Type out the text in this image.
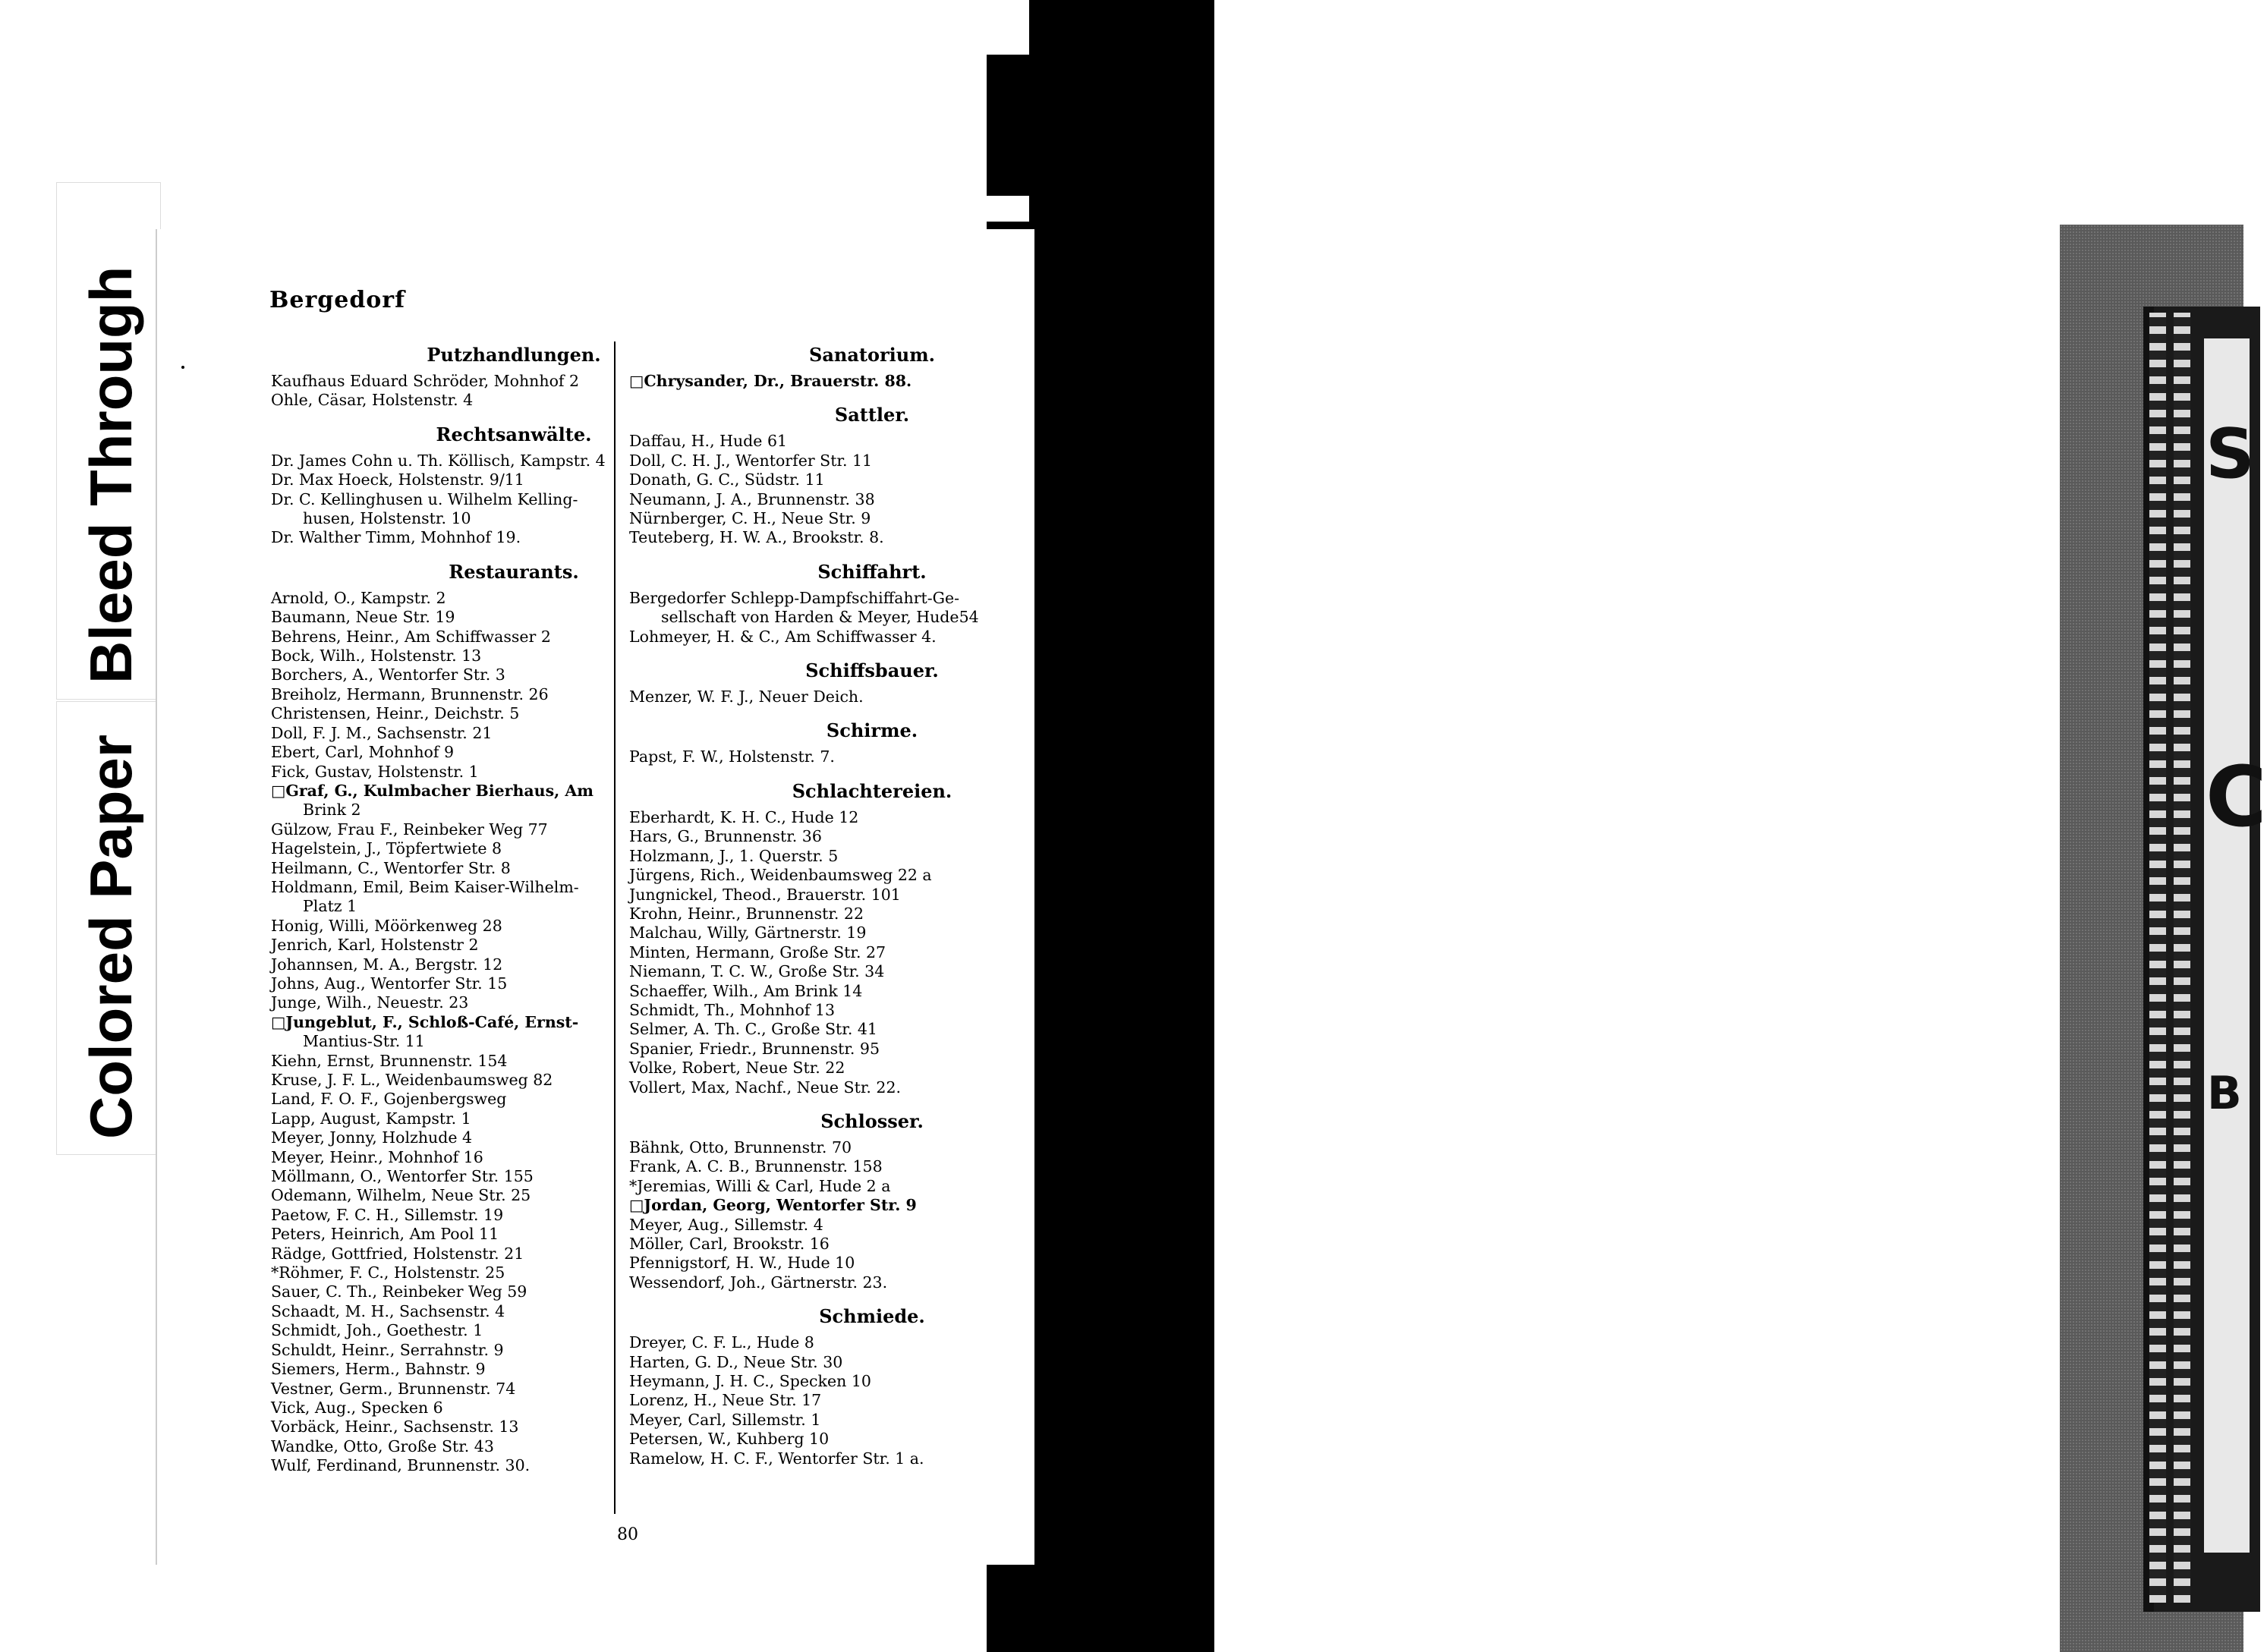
Bleed Through
Colored Paper
S
C
B
Bergedorf
Putzhandlungen.
Kaufhaus Eduard Schröder, Mohnhof 2
Ohle, Cäsar, Holstenstr. 4
Rechtsanwälte.
Dr. James Cohn u. Th. Köllisch, Kampstr. 4
Dr. Max Hoeck, Holstenstr. 9/11
Dr. C. Kellinghusen u. Wilhelm Kelling-
husen, Holstenstr. 10
Dr. Walther Timm, Mohnhof 19.
Restaurants.
Arnold, O., Kampstr. 2
Baumann, Neue Str. 19
Behrens, Heinr., Am Schiffwasser 2
Bock, Wilh., Holstenstr. 13
Borchers, A., Wentorfer Str. 3
Breiholz, Hermann, Brunnenstr. 26
Christensen, Heinr., Deichstr. 5
Doll, F. J. M., Sachsenstr. 21
Ebert, Carl, Mohnhof 9
Fick, Gustav, Holstenstr. 1
□Graf, G., Kulmbacher Bierhaus, Am
Brink 2
Gülzow, Frau F., Reinbeker Weg 77
Hagelstein, J., Töpfertwiete 8
Heilmann, C., Wentorfer Str. 8
Holdmann, Emil, Beim Kaiser-Wilhelm-
Platz 1
Honig, Willi, Möörkenweg 28
Jenrich, Karl, Holstenstr 2
Johannsen, M. A., Bergstr. 12
Johns, Aug., Wentorfer Str. 15
Junge, Wilh., Neuestr. 23
□Jungeblut, F., Schloß-Café, Ernst-
Mantius-Str. 11
Kiehn, Ernst, Brunnenstr. 154
Kruse, J. F. L., Weidenbaumsweg 82
Land, F. O. F., Gojenbergsweg
Lapp, August, Kampstr. 1
Meyer, Jonny, Holzhude 4
Meyer, Heinr., Mohnhof 16
Möllmann, O., Wentorfer Str. 155
Odemann, Wilhelm, Neue Str. 25
Paetow, F. C. H., Sillemstr. 19
Peters, Heinrich, Am Pool 11
Rädge, Gottfried, Holstenstr. 21
*Röhmer, F. C., Holstenstr. 25
Sauer, C. Th., Reinbeker Weg 59
Schaadt, M. H., Sachsenstr. 4
Schmidt, Joh., Goethestr. 1
Schuldt, Heinr., Serrahnstr. 9
Siemers, Herm., Bahnstr. 9
Vestner, Germ., Brunnenstr. 74
Vick, Aug., Specken 6
Vorbäck, Heinr., Sachsenstr. 13
Wandke, Otto, Große Str. 43
Wulf, Ferdinand, Brunnenstr. 30.
Sanatorium.
□Chrysander, Dr., Brauerstr. 88.
Sattler.
Daffau, H., Hude 61
Doll, C. H. J., Wentorfer Str. 11
Donath, G. C., Südstr. 11
Neumann, J. A., Brunnenstr. 38
Nürnberger, C. H., Neue Str. 9
Teuteberg, H. W. A., Brookstr. 8.
Schiffahrt.
Bergedorfer Schlepp-Dampfschiffahrt-Ge-
sellschaft von Harden & Meyer, Hude54
Lohmeyer, H. & C., Am Schiffwasser 4.
Schiffsbauer.
Menzer, W. F. J., Neuer Deich.
Schirme.
Papst, F. W., Holstenstr. 7.
Schlachtereien.
Eberhardt, K. H. C., Hude 12
Hars, G., Brunnenstr. 36
Holzmann, J., 1. Querstr. 5
Jürgens, Rich., Weidenbaumsweg 22 a
Jungnickel, Theod., Brauerstr. 101
Krohn, Heinr., Brunnenstr. 22
Malchau, Willy, Gärtnerstr. 19
Minten, Hermann, Große Str. 27
Niemann, T. C. W., Große Str. 34
Schaeffer, Wilh., Am Brink 14
Schmidt, Th., Mohnhof 13
Selmer, A. Th. C., Große Str. 41
Spanier, Friedr., Brunnenstr. 95
Volke, Robert, Neue Str. 22
Vollert, Max, Nachf., Neue Str. 22.
Schlosser.
Bähnk, Otto, Brunnenstr. 70
Frank, A. C. B., Brunnenstr. 158
*Jeremias, Willi & Carl, Hude 2 a
□Jordan, Georg, Wentorfer Str. 9
Meyer, Aug., Sillemstr. 4
Möller, Carl, Brookstr. 16
Pfennigstorf, H. W., Hude 10
Wessendorf, Joh., Gärtnerstr. 23.
Schmiede.
Dreyer, C. F. L., Hude 8
Harten, G. D., Neue Str. 30
Heymann, J. H. C., Specken 10
Lorenz, H., Neue Str. 17
Meyer, Carl, Sillemstr. 1
Petersen, W., Kuhberg 10
Ramelow, H. C. F., Wentorfer Str. 1 a.
80
